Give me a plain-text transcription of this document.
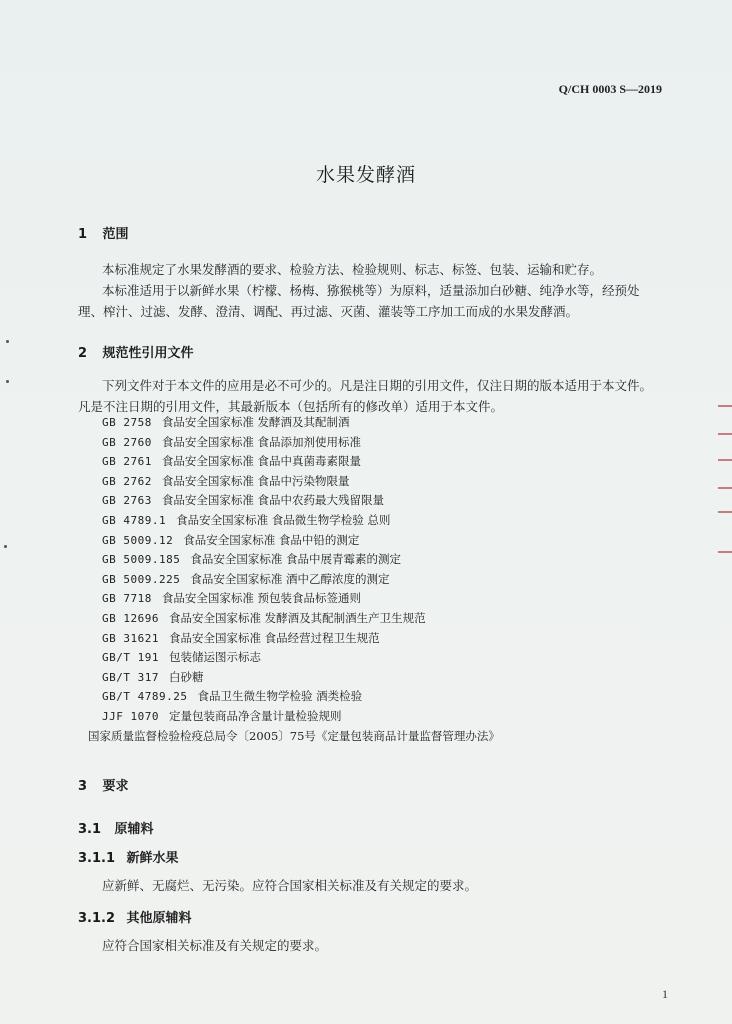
Q/CH 0003 S—2019
水果发酵酒
1 范围
本标准规定了水果发酵酒的要求、检验方法、检验规则、标志、标签、包装、运输和贮存。
本标准适用于以新鲜水果（柠檬、杨梅、猕猴桃等）为原料，适量添加白砂糖、纯净水等，经预处
理、榨汁、过滤、发酵、澄清、调配、再过滤、灭菌、灌装等工序加工而成的水果发酵酒。
2 规范性引用文件
下列文件对于本文件的应用是必不可少的。凡是注日期的引用文件，仅注日期的版本适用于本文件。
凡是不注日期的引用文件，其最新版本（包括所有的修改单）适用于本文件。
GB 2758 食品安全国家标准 发酵酒及其配制酒
GB 2760 食品安全国家标准 食品添加剂使用标准
GB 2761 食品安全国家标准 食品中真菌毒素限量
GB 2762 食品安全国家标准 食品中污染物限量
GB 2763 食品安全国家标准 食品中农药最大残留限量
GB 4789.1 食品安全国家标准 食品微生物学检验 总则
GB 5009.12 食品安全国家标准 食品中铅的测定
GB 5009.185 食品安全国家标准 食品中展青霉素的测定
GB 5009.225 食品安全国家标准 酒中乙醇浓度的测定
GB 7718 食品安全国家标准 预包装食品标签通则
GB 12696 食品安全国家标准 发酵酒及其配制酒生产卫生规范
GB 31621 食品安全国家标准 食品经营过程卫生规范
GB/T 191 包装储运图示标志
GB/T 317 白砂糖
GB/T 4789.25 食品卫生微生物学检验 酒类检验
JJF 1070 定量包装商品净含量计量检验规则
国家质量监督检验检疫总局令〔2005〕75号《定量包装商品计量监督管理办法》
3 要求
3.1 原辅料
3.1.1 新鲜水果
应新鲜、无腐烂、无污染。应符合国家相关标准及有关规定的要求。
3.1.2 其他原辅料
应符合国家相关标准及有关规定的要求。
1
